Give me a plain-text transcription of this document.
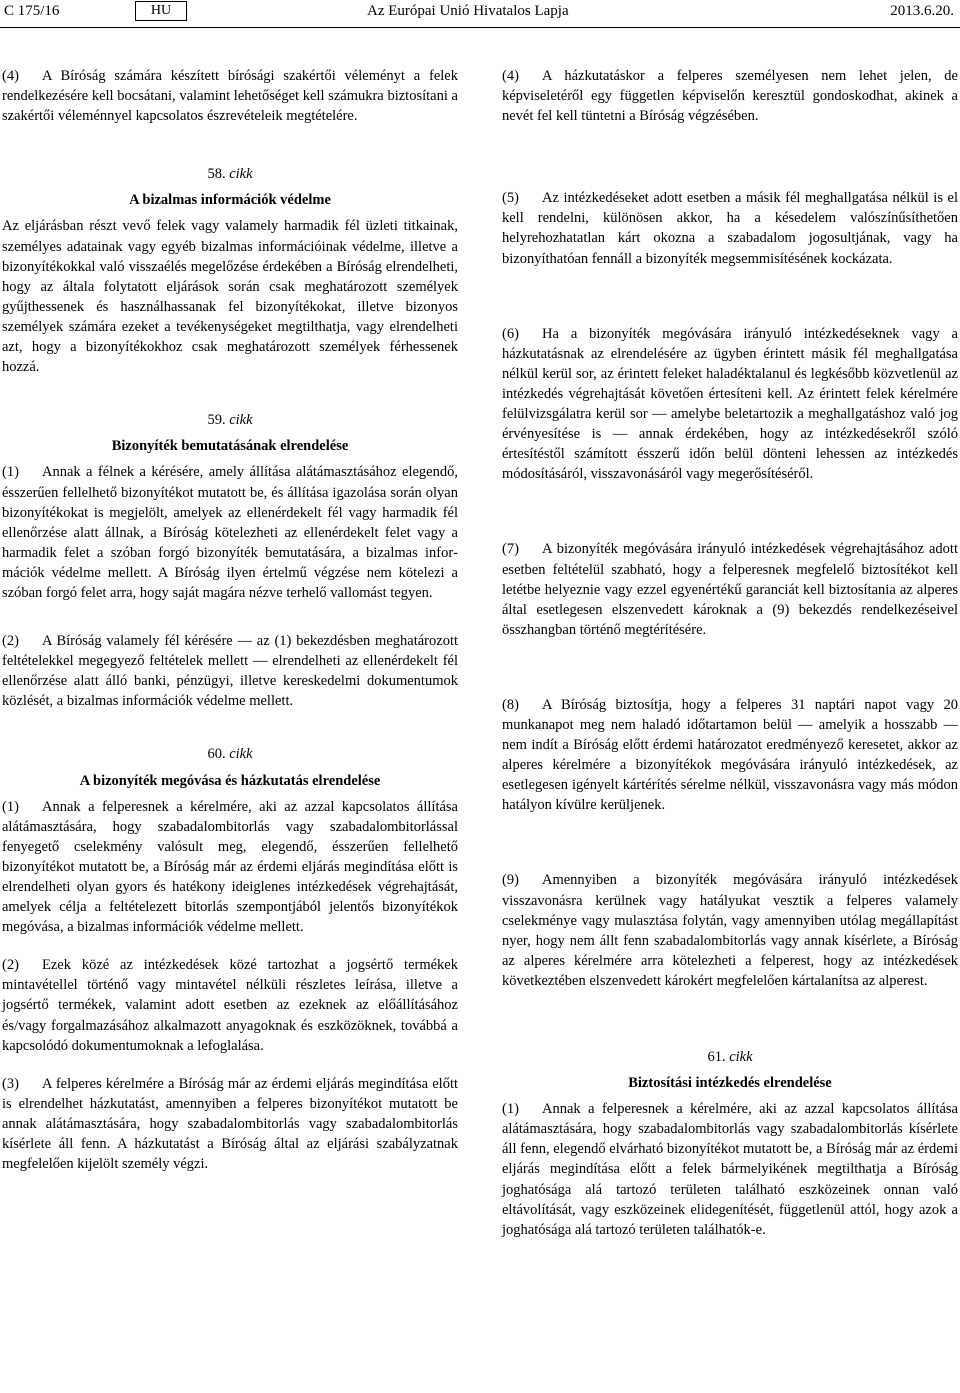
C 175/16	HU	Az Európai Unió Hivatalos Lapja	2013.6.20.

(4) A Bíróság számára készített bírósági szakértői véleményt a felek rendelkezésére kell bocsátani, valamint lehetőséget kell számukra biztosítani a szakértői véleménnyel kapcsolatos észrevételeik megtételére.

58. cikk

A bizalmas információk védelme

Az eljárásban részt vevő felek vagy valamely harmadik fél üzleti titkainak, személyes adatainak vagy egyéb bizalmas információinak védelme, illetve a bizonyítékokkal való visszaélés megelőzése érdekében a Bíróság elrendelheti, hogy az általa folytatott eljárások során csak meghatározott személyek gyűjthessenek és használhassanak fel bizonyítékokat, illetve bizonyos személyek számára ezeket a tevékenységeket megtilthatja, vagy elrendelheti azt, hogy a bizonyítékokhoz csak meghatározott személyek férhessenek hozzá.

59. cikk

Bizonyíték bemutatásának elrendelése

(1) Annak a félnek a kérésére, amely állítása alátámasztásához elegendő, ésszerűen fellelhető bizonyítékot mutatott be, és állítása igazolása során olyan bizonyítékokat is megjelölt, amelyek az ellenérdekelt fél vagy harmadik fél ellenőrzése alatt állnak, a Bíróság kötelezheti az ellenérdekelt felet vagy a harmadik felet a szóban forgó bizonyíték bemutatására, a bizalmas információk védelme mellett. A Bíróság ilyen értelmű végzése nem kötelezi a szóban forgó felet arra, hogy saját magára nézve terhelő vallomást tegyen.

(2) A Bíróság valamely fél kérésére — az (1) bekezdésben meghatározott feltételekkel megegyező feltételek mellett — elrendelheti az ellenérdekelt fél ellenőrzése alatt álló banki, pénzügyi, illetve kereskedelmi dokumentumok közlését, a bizalmas információk védelme mellett.

60. cikk

A bizonyíték megóvása és házkutatás elrendelése

(1) Annak a felperesnek a kérelmére, aki az azzal kapcsolatos állítása alátámasztására, hogy szabadalombitorlás vagy szabadalombitorlással fenyegető cselekmény valósult meg, elegendő, ésszerűen fellelhető bizonyítékot mutatott be, a Bíróság már az érdemi eljárás megindítása előtt is elrendelheti olyan gyors és hatékony ideiglenes intézkedések végrehajtását, amelyek célja a feltételezett bitorlás szempontjából jelentős bizonyítékok megóvása, a bizalmas információk védelme mellett.

(2) Ezek közé az intézkedések közé tartozhat a jogsértő termékek mintavétellel történő vagy mintavétel nélküli részletes leírása, illetve a jogsértő termékek, valamint adott esetben az ezeknek az előállításához és/vagy forgalmazásához alkalmazott anyagoknak és eszközöknek, továbbá a kapcsolódó dokumentumoknak a lefoglalása.

(3) A felperes kérelmére a Bíróság már az érdemi eljárás megindítása előtt is elrendelhet házkutatást, amennyiben a felperes bizonyítékot mutatott be annak alátámasztására, hogy szabadalombitorlás vagy szabadalombitorlás kísérlete áll fenn. A házkutatást a Bíróság által az eljárási szabályzatnak megfelelően kijelölt személy végzi.

(4) A házkutatáskor a felperes személyesen nem lehet jelen, de képviseletéről egy független képviselőn keresztül gondoskodhat, akinek a nevét fel kell tüntetni a Bíróság végzésében.

(5) Az intézkedéseket adott esetben a másik fél meghallgatása nélkül is el kell rendelni, különösen akkor, ha a késedelem valószínűsíthetően helyrehozhatatlan kárt okozna a szabadalom jogosultjának, vagy ha bizonyíthatóan fennáll a bizonyíték megsemmisítésének kockázata.

(6) Ha a bizonyíték megóvására irányuló intézkedéseknek vagy a házkutatásnak az elrendelésére az ügyben érintett másik fél meghallgatása nélkül kerül sor, az érintett feleket haladéktalanul és legkésőbb közvetlenül az intézkedés végrehajtását követően értesíteni kell. Az érintett felek kérelmére felülvizsgálatra kerül sor — amelybe beletartozik a meghallgatáshoz való jog érvényesítése is — annak érdekében, hogy az intézkedésekről szóló értesítéstől számított ésszerű időn belül dönteni lehessen az intézkedés módosításáról, visszavonásáról vagy megerősítéséről.

(7) A bizonyíték megóvására irányuló intézkedések végrehajtásához adott esetben feltételül szabható, hogy a felperesnek megfelelő biztosítékot kell letétbe helyeznie vagy ezzel egyenértékű garanciát kell biztosítania az alperes által esetlegesen elszenvedett károknak a (9) bekezdés rendelkezéseivel összhangban történő megtérítésére.

(8) A Bíróság biztosítja, hogy a felperes 31 naptári napot vagy 20 munkanapot meg nem haladó időtartamon belül — amelyik a hosszabb — nem indít a Bíróság előtt érdemi határozatot eredményező keresetet, akkor az alperes kérelmére a bizonyítékok megóvására irányuló intézkedések, az esetlegesen igényelt kártérítés sérelme nélkül, visszavonásra vagy más módon hatályon kívülre kerüljenek.

(9) Amennyiben a bizonyíték megóvására irányuló intézkedések visszavonásra kerülnek vagy hatályukat vesztik a felperes valamely cselekménye vagy mulasztása folytán, vagy amennyiben utólag megállapítást nyer, hogy nem állt fenn szabadalombitorlás vagy annak kísérlete, a Bíróság az alperes kérelmére arra kötelezheti a felperest, hogy az intézkedések következtében elszenvedett károkért megfelelően kártalanítsa az alperest.

61. cikk

Biztosítási intézkedés elrendelése

(1) Annak a felperesnek a kérelmére, aki az azzal kapcsolatos állítása alátámasztására, hogy szabadalombitorlás vagy szabadalombitorlás kísérlete áll fenn, elegendő elvárható bizonyítékot mutatott be, a Bíróság már az érdemi eljárás megindítása előtt a felek bármelyikének megtilthatja a Bíróság joghatósága alá tartozó területen található eszközeinek onnan való eltávolítását, vagy eszközeinek elidegenítését, függetlenül attól, hogy azok a joghatósága alá tartozó területen találhatók-e.
